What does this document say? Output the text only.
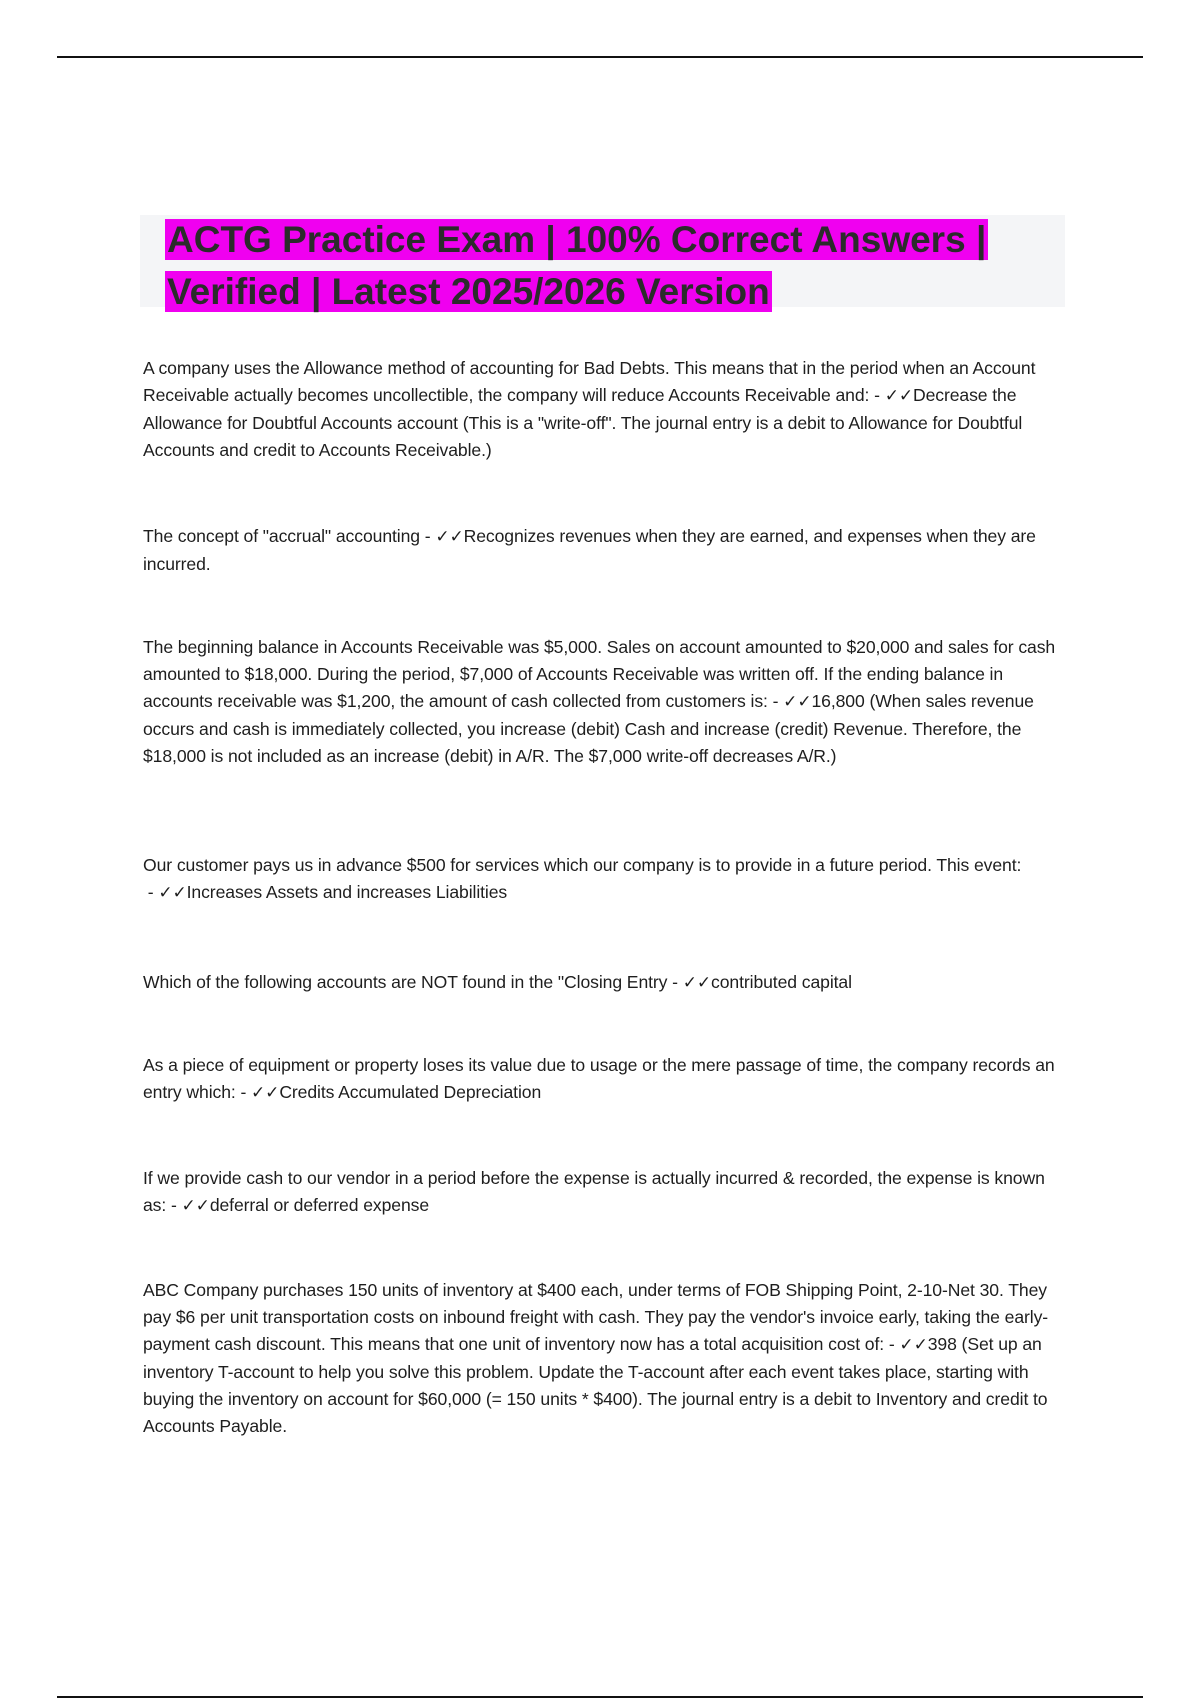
ACTG Practice Exam | 100% Correct Answers | Verified | Latest 2025/2026 Version

A company uses the Allowance method of accounting for Bad Debts. This means that in the period when an Account Receivable actually becomes uncollectible, the company will reduce Accounts Receivable and: - ✓✓Decrease the Allowance for Doubtful Accounts account (This is a "write-off". The journal entry is a debit to Allowance for Doubtful Accounts and credit to Accounts Receivable.)

The concept of "accrual" accounting - ✓✓Recognizes revenues when they are earned, and expenses when they are incurred.

The beginning balance in Accounts Receivable was $5,000. Sales on account amounted to $20,000 and sales for cash amounted to $18,000. During the period, $7,000 of Accounts Receivable was written off. If the ending balance in accounts receivable was $1,200, the amount of cash collected from customers is: - ✓✓16,800 (When sales revenue occurs and cash is immediately collected, you increase (debit) Cash and increase (credit) Revenue. Therefore, the $18,000 is not included as an increase (debit) in A/R. The $7,000 write-off decreases A/R.)

Our customer pays us in advance $500 for services which our company is to provide in a future period. This event: - ✓✓Increases Assets and increases Liabilities

Which of the following accounts are NOT found in the "Closing Entry - ✓✓contributed capital

As a piece of equipment or property loses its value due to usage or the mere passage of time, the company records an entry which: - ✓✓Credits Accumulated Depreciation

If we provide cash to our vendor in a period before the expense is actually incurred & recorded, the expense is known as: - ✓✓deferral or deferred expense

ABC Company purchases 150 units of inventory at $400 each, under terms of FOB Shipping Point, 2-10-Net 30. They pay $6 per unit transportation costs on inbound freight with cash. They pay the vendor's invoice early, taking the early-payment cash discount. This means that one unit of inventory now has a total acquisition cost of: - ✓✓398 (Set up an inventory T-account to help you solve this problem. Update the T-account after each event takes place, starting with buying the inventory on account for $60,000 (= 150 units * $400). The journal entry is a debit to Inventory and credit to Accounts Payable.
